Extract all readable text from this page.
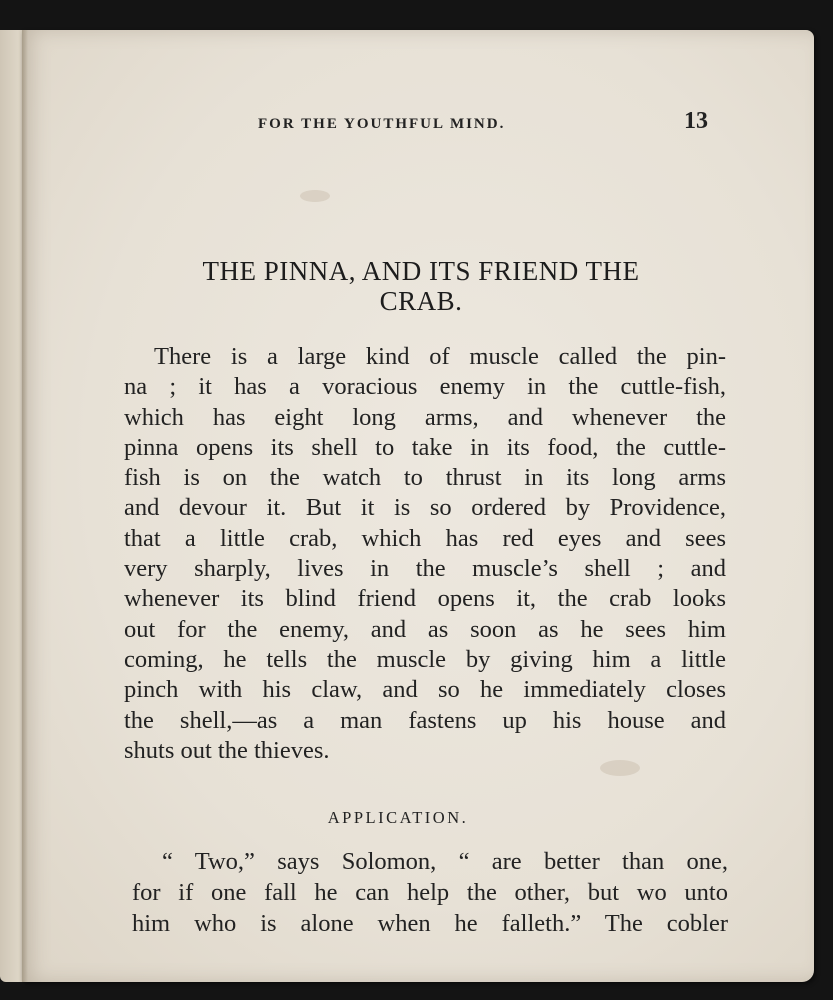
FOR THE YOUTHFUL MIND.	13
THE PINNA, AND ITS FRIEND THE
CRAB.
There is a large kind of muscle called the pin-
na ; it has a voracious enemy in the cuttle-fish,
which has eight long arms, and whenever the
pinna opens its shell to take in its food, the cuttle-
fish is on the watch to thrust in its long arms
and devour it. But it is so ordered by Providence,
that a little crab, which has red eyes and sees
very sharply, lives in the muscle’s shell ; and
whenever its blind friend opens it, the crab looks
out for the enemy, and as soon as he sees him
coming, he tells the muscle by giving him a little
pinch with his claw, and so he immediately closes
the shell,—as a man fastens up his house and
shuts out the thieves.
APPLICATION.
“ Two,” says Solomon, “ are better than one,
for if one fall he can help the other, but wo unto
him who is alone when he falleth.” The cobler
